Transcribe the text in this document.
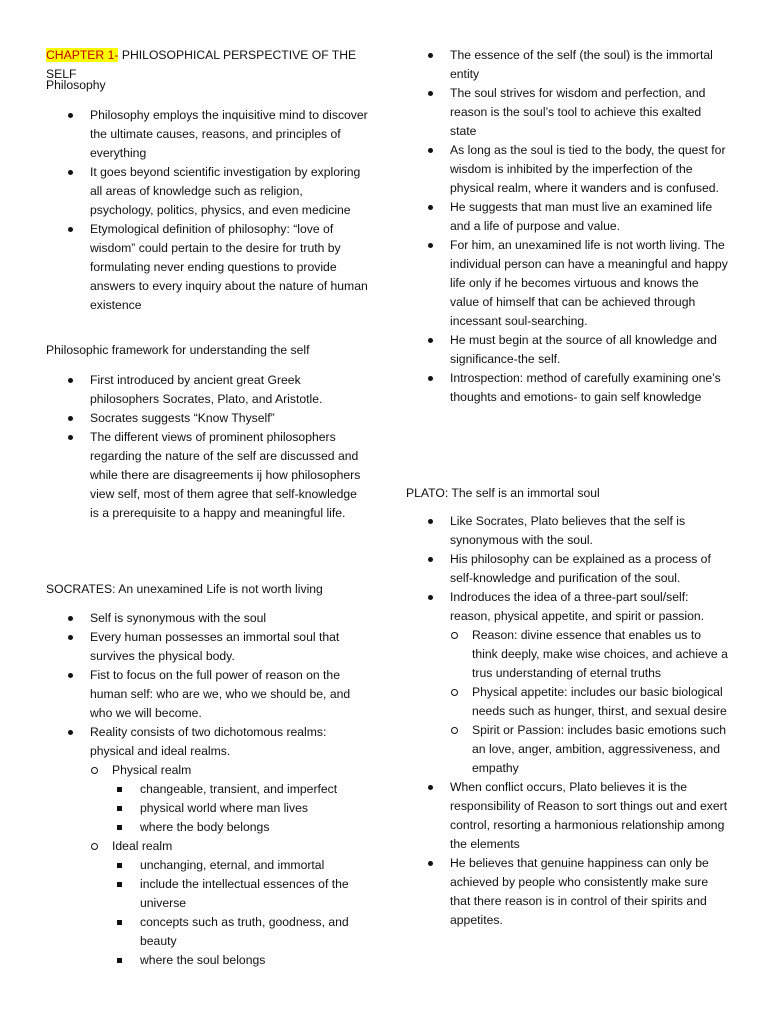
CHAPTER 1- PHILOSOPHICAL PERSPECTIVE OF THE SELF
Philosophy
Philosophy employs the inquisitive mind to discover the ultimate causes, reasons, and principles of everything
It goes beyond scientific investigation by exploring all areas of knowledge such as religion, psychology, politics, physics, and even medicine
Etymological definition of philosophy: “love of wisdom” could pertain to the desire for truth by formulating never ending questions to provide answers to every inquiry about the nature of human existence
Philosophic framework for understanding the self
First introduced by ancient great Greek philosophers Socrates, Plato, and Aristotle.
Socrates suggests “Know Thyself”
The different views of prominent philosophers regarding the nature of the self are discussed and while there are disagreements ij how philosophers view self, most of them agree that self-knowledge is a prerequisite to a happy and meaningful life.
SOCRATES: An unexamined Life is not worth living
Self is synonymous with the soul
Every human possesses an immortal soul that survives the physical body.
Fist to focus on the full power of reason on the human self: who are we, who we should be, and who we will become.
Reality consists of two dichotomous realms: physical and ideal realms.
Physical realm
changeable, transient, and imperfect
physical world where man lives
where the body belongs
Ideal realm
unchanging, eternal, and immortal
include the intellectual essences of the universe
concepts such as truth, goodness, and beauty
where the soul belongs
The essence of the self (the soul) is the immortal entity
The soul strives for wisdom and perfection, and reason is the soul’s tool to achieve this exalted state
As long as the soul is tied to the body, the quest for wisdom is inhibited by the imperfection of the physical realm, where it wanders and is confused.
He suggests that man must live an examined life and a life of purpose and value.
For him, an unexamined life is not worth living. The individual person can have a meaningful and happy life only if he becomes virtuous and knows the value of himself that can be achieved through incessant soul-searching.
He must begin at the source of all knowledge and significance-the self.
Introspection: method of carefully examining one’s thoughts and emotions- to gain self knowledge
PLATO: The self is an immortal soul
Like Socrates, Plato believes that the self is synonymous with the soul.
His philosophy can be explained as a process of self-knowledge and purification of the soul.
Indroduces the idea of a three-part soul/self: reason, physical appetite, and spirit or passion.
Reason: divine essence that enables us to think deeply, make wise choices, and achieve a trus understanding of eternal truths
Physical appetite: includes our basic biological needs such as hunger, thirst, and sexual desire
Spirit or Passion: includes basic emotions such an love, anger, ambition, aggressiveness, and empathy
When conflict occurs, Plato believes it is the responsibility of Reason to sort things out and exert control, resorting a harmonious relationship among the elements
He believes that genuine happiness can only be achieved by people who consistently make sure that there reason is in control of their spirits and appetites.
